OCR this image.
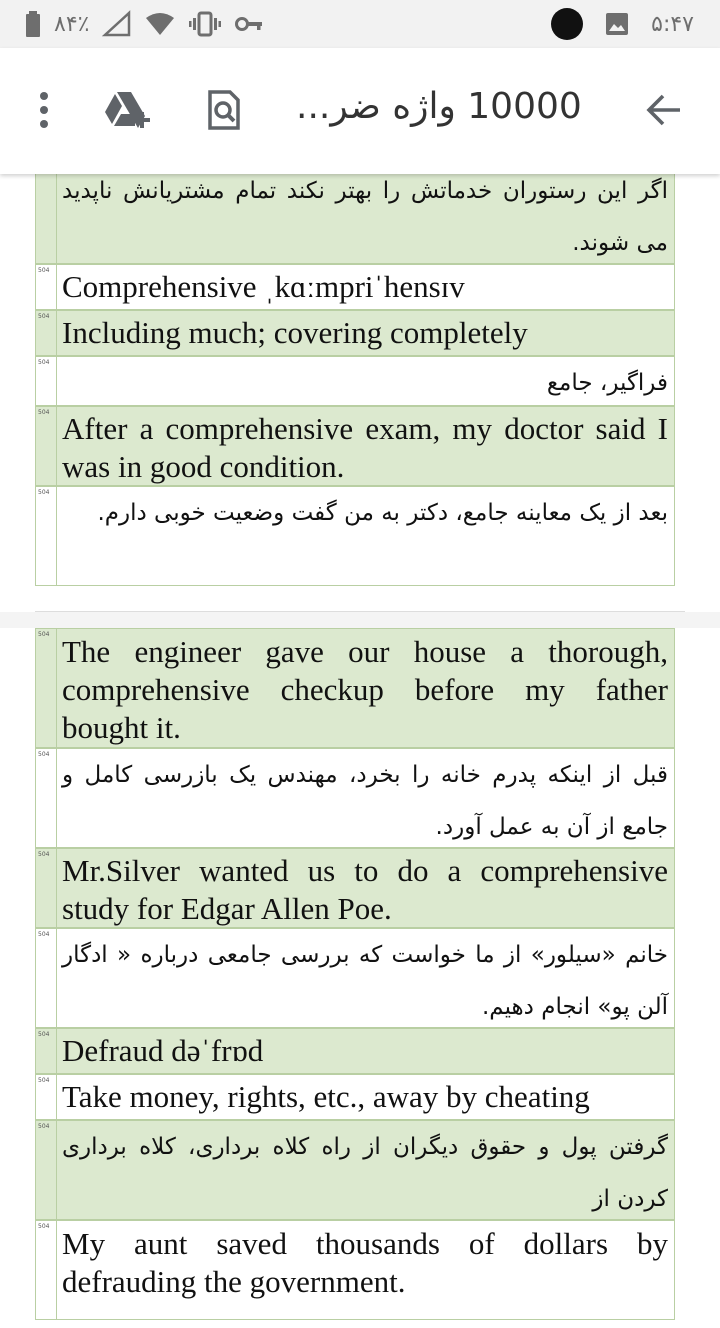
٨۴٪	۵:۴۷
10000 واژه ضر...
اگر این رستوران خدماتش را بهتر نکند تمام مشتریانش ناپدید می شوند.
504 Comprehensive ˌkɑːmpriˈhensɪv
504 Including much; covering completely
504
فراگیر، جامع
504 After a comprehensive exam, my doctor said I was in good condition.
504
بعد از یک معاینه جامع، دکتر به من گفت وضعیت خوبی دارم.
504 The engineer gave our house a thorough, comprehensive checkup before my father bought it.
504
قبل از اینکه پدرم خانه را بخرد، مهندس یک بازرسی کامل و جامع از آن به عمل آورد.
504 Mr.Silver wanted us to do a comprehensive study for Edgar Allen Poe.
504
خانم «سیلور» از ما خواست که بررسی جامعی درباره « ادگار آلن پو» انجام دهیم.
504 Defraud dəˈfrɒd
504 Take money, rights, etc., away by cheating
504
گرفتن پول و حقوق دیگران از راه کلاه برداری، کلاه برداری کردن از
504 My aunt saved thousands of dollars by defrauding the government.
